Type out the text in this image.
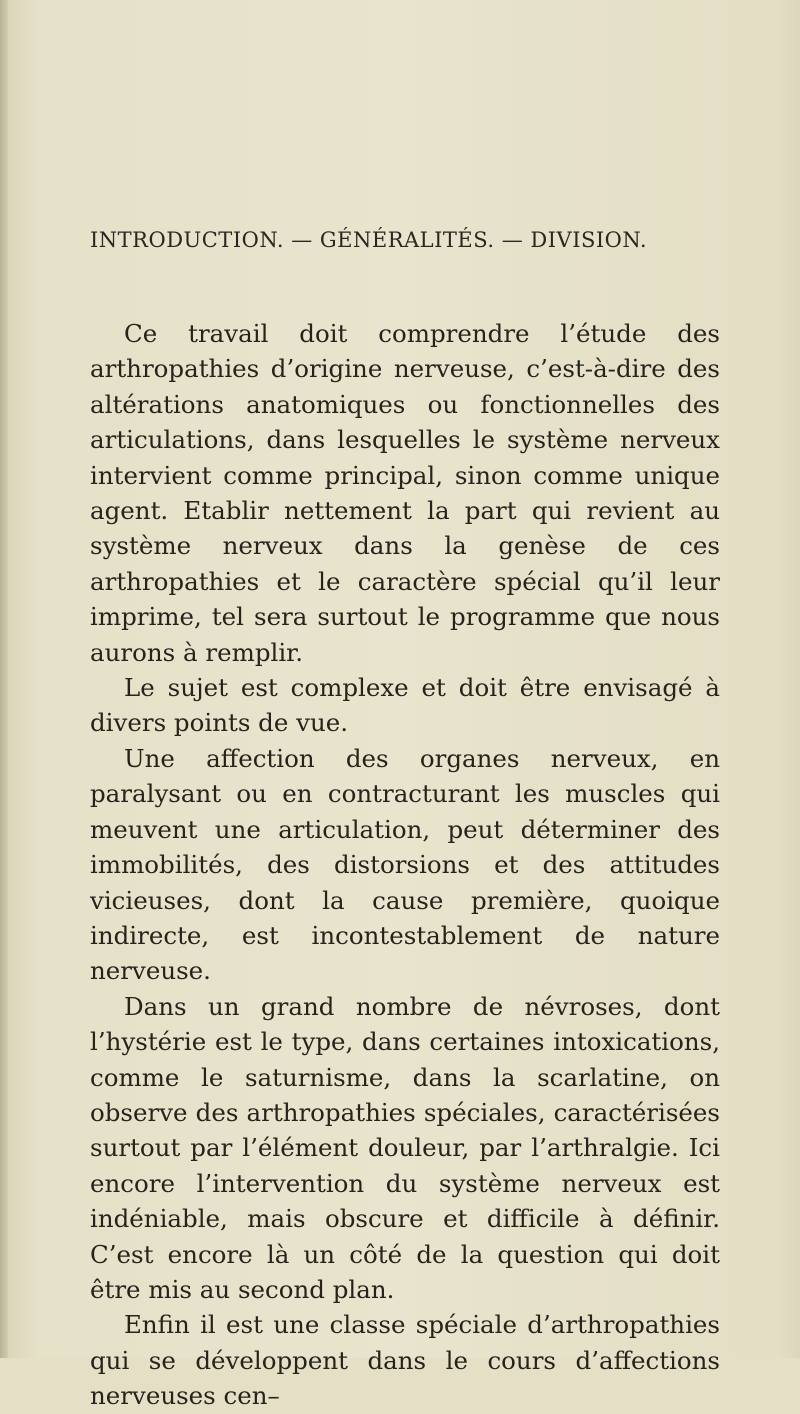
INTRODUCTION. — GÉNÉRALITÉS. — DIVISION.

Ce travail doit comprendre l’étude des arthropathies d’origine nerveuse, c’est-à-dire des altérations anatomiques ou fonctionnelles des articulations, dans lesquelles le système nerveux intervient comme principal, sinon comme unique agent. Etablir nettement la part qui revient au système nerveux dans la genèse de ces arthropathies et le caractère spécial qu’il leur imprime, tel sera surtout le programme que nous aurons à remplir.

Le sujet est complexe et doit être envisagé à divers points de vue.

Une affection des organes nerveux, en paralysant ou en contracturant les muscles qui meuvent une articulation, peut déterminer des immobilités, des distorsions et des attitudes vicieuses, dont la cause première, quoique indirecte, est incontestablement de nature nerveuse.

Dans un grand nombre de névroses, dont l’hystérie est le type, dans certaines intoxications, comme le saturnisme, dans la scarlatine, on observe des arthropathies spéciales, caractérisées surtout par l’élément douleur, par l’arthralgie. Ici encore l’intervention du système nerveux est indéniable, mais obscure et difficile à définir. C’est encore là un côté de la question qui doit être mis au second plan.

Enfin il est une classe spéciale d’arthropathies qui se développent dans le cours d’affections nerveuses cen–
